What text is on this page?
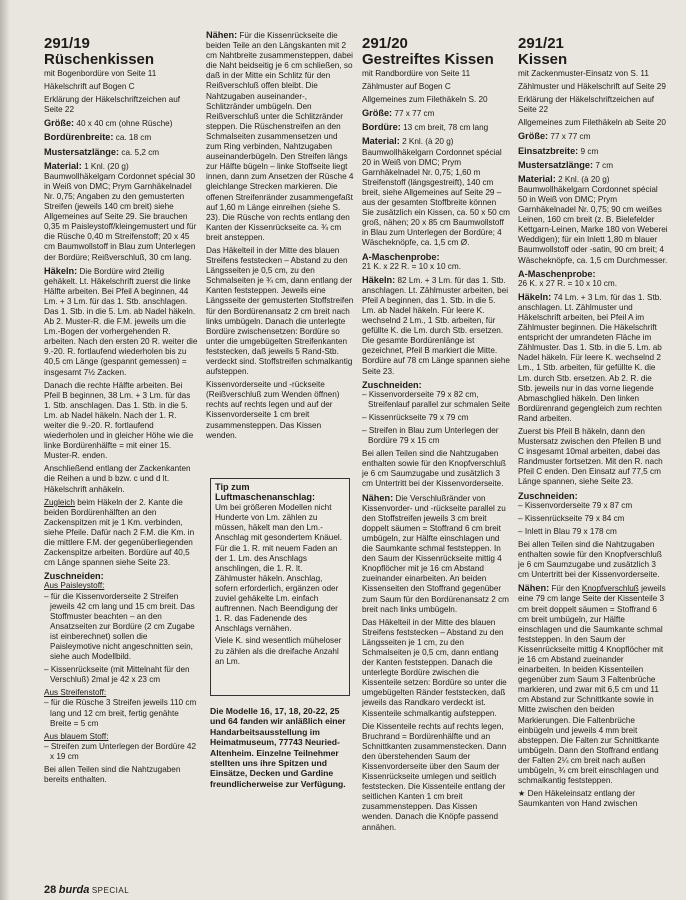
291/19
Rüschenkissen

mit Bogenbordüre von Seite 11

Häkelschrift auf Bogen C

Erklärung der Häkelschriftzeichen auf Seite 22

Größe: 40 x 40 cm (ohne Rüsche)

Bordürenbreite: ca. 18 cm

Mustersatzlänge: ca. 5,2 cm

Material: 1 Knl. (20 g) Baumwollhäkelgarn Cordonnet spécial 30 in Weiß von DMC; Prym Garnhäkelnadel Nr. 0,75; Angaben zu den gemusterten Streifen (jeweils 140 cm breit) siehe Allgemeines auf Seite 29. Sie brauchen 0,35 m Paisleystoff/kleingemustert und für die Rüsche 0,40 m Streifenstoff; 20 x 45 cm Baumwollstoff in Blau zum Unterlegen der Bordüre; Reißverschluß, 30 cm lang.

Häkeln: Die Bordüre wird 2teilig gehäkelt. Lt. Häkelschrift zuerst die linke Hälfte arbeiten. Bei Pfeil A beginnen, 44 Lm. + 3 Lm. für das 1. Stb. anschlagen. Das 1. Stb. in die 5. Lm. ab Nadel häkeln. Ab 2. Muster-R. die F.M. jeweils um die Lm.-Bogen der vorhergehenden R. arbeiten. Nach den ersten 20 R. weiter die 9.-20. R. fortlaufend wiederholen bis zu 40,5 cm Länge (gespannt gemessen) = insgesamt 7½ Zacken.

Danach die rechte Hälfte arbeiten. Bei Pfeil B beginnen, 38 Lm. + 3 Lm. für das 1. Stb. anschlagen. Das 1. Stb. in die 5. Lm. ab Nadel häkeln. Nach der 1. R. weiter die 9.-20. R. fortlaufend wiederholen und in gleicher Höhe wie die linke Bordürenhälfte = mit einer 15. Muster-R. enden.

Anschließend entlang der Zackenkanten die Reihen a und b bzw. c und d lt. Häkelschrift anhäkeln.

Zugleich beim Häkeln der 2. Kante die beiden Bordürenhälften an den Zackenspitzen mit je 1 Km. verbinden, siehe Pfeile. Dafür nach 2 F.M. die Km. in die mittlere F.M. der gegenüberliegenden Zackenspitze arbeiten. Bordüre auf 40,5 cm Länge spannen siehe Seite 23.

Zuschneiden:

Aus Paisleystoff:

– für die Kissenvorderseite 2 Streifen jeweils 42 cm lang und 15 cm breit. Das Stoffmuster beachten – an den Ansatzseiten zur Bordüre (2 cm Zugabe ist einberechnet) sollen die Paisleymotive nicht angeschnitten sein, siehe auch Modellbild.

– Kissenrückseite (mit Mittelnaht für den Verschluß) 2mal je 42 x 23 cm

Aus Streifenstoff:

– für die Rüsche 3 Streifen jeweils 110 cm lang und 12 cm breit, fertig genähte Breite = 5 cm

Aus blauem Stoff:

– Streifen zum Unterlegen der Bordüre 42 x 19 cm

Bei allen Teilen sind die Nahtzugaben bereits enthalten.

Nähen: Für die Kissenrückseite die beiden Teile an den Längskanten mit 2 cm Nahtbreite zusammensteppen, dabei die Naht beidseitig je 6 cm schließen, so daß in der Mitte ein Schlitz für den Reißverschluß offen bleibt. Die Nahtzugaben auseinander-, Schlitzränder umbügeln. Den Reißverschluß unter die Schlitzränder steppen. Die Rüschenstreifen an den Schmalseiten zusammensetzen und zum Ring verbinden, Nahtzugaben auseinanderbügeln. Den Streifen längs zur Hälfte bügeln – linke Stoffseite liegt innen, dann zum Ansetzen der Rüsche 4 gleichlange Strecken markieren. Die offenen Streifenränder zusammengefaßt auf 1,60 m Länge einreihen (siehe S. 23). Die Rüsche von rechts entlang den Kanten der Kissenrückseite ca. ¾ cm breit ansteppen.

Das Häkelteil in der Mitte des blauen Streifens feststecken – Abstand zu den Längsseiten je 0,5 cm, zu den Schmalseiten je ¾ cm, dann entlang der Kanten feststeppen. Jeweils eine Längsseite der gemusterten Stoffstreifen für den Bordürenansatz 2 cm breit nach links umbügeln. Danach die unterlegte Bordüre zwischensetzen: Bordüre so unter die umgebügelten Streifenkanten feststecken, daß jeweils 5 Rand-Stb. verdeckt sind. Stoffstreifen schmalkantig aufsteppen.

Kissenvorderseite und -rückseite (Reißverschluß zum Wenden öffnen) rechts auf rechts legen und auf der Kissenvorderseite 1 cm breit zusammensteppen. Das Kissen wenden.

Tip zum Luftmaschenanschlag:

Um bei größeren Modellen nicht Hunderte von Lm. zählen zu müssen, häkelt man den Lm.-Anschlag mit gesondertem Knäuel. Für die 1. R. mit neuem Faden an der 1. Lm. des Anschlags anschlingen, die 1. R. lt. Zählmuster häkeln. Anschlag, sofern erforderlich, ergänzen oder zuviel gehäkelte Lm. einfach auftrennen. Nach Beendigung der 1. R. das Fadenende des Anschlags vernähen.

Viele K. sind wesentlich müheloser zu zählen als die dreifache Anzahl an Lm.

Die Modelle 16, 17, 18, 20-22, 25 und 64 fanden wir anläßlich einer Handarbeitsausstellung im Heimatmuseum, 77743 Neuried-Altenheim. Einzelne Teilnehmer stellten uns ihre Spitzen und Einsätze, Decken und Gardine freundlicherweise zur Verfügung.
291/20
Gestreiftes Kissen

mit Randbordüre von Seite 11

Zählmuster auf Bogen C

Allgemeines zum Filethäkeln S. 20

Größe: 77 x 77 cm

Bordüre: 13 cm breit, 78 cm lang

Material: 2 Knl. (à 20 g) Baumwollhäkelgarn Cordonnet spécial 20 in Weiß von DMC; Prym Garnhäkelnadel Nr. 0,75; 1,60 m Streifenstoff (längsgestreift), 140 cm breit, siehe Allgemeines auf Seite 29 – aus der gesamten Stoffbreite können Sie zusätzlich ein Kissen, ca. 50 x 50 cm groß, nähen; 20 x 85 cm Baumwollstoff in Blau zum Unterlegen der Bordüre; 4 Wäscheknöpfe, ca. 1,5 cm Ø.

A-Maschenprobe:

21 K. x 22 R. = 10 x 10 cm.

Häkeln: 82 Lm. + 3 Lm. für das 1. Stb. anschlagen. Lt. Zählmuster arbeiten, bei Pfeil A beginnen, das 1. Stb. in die 5. Lm. ab Nadel häkeln. Für leere K. wechselnd 2 Lm., 1 Stb. arbeiten, für gefüllte K. die Lm. durch Stb. ersetzen. Die gesamte Bordürenlänge ist gezeichnet, Pfeil B markiert die Mitte. Bordüre auf 78 cm Länge spannen siehe Seite 23.

Zuschneiden:

– Kissenvorderseite 79 x 82 cm, Streifenlauf parallel zur schmalen Seite

– Kissenrückseite 79 x 79 cm

– Streifen in Blau zum Unterlegen der Bordüre 79 x 15 cm

Bei allen Teilen sind die Nahtzugaben enthalten sowie für den Knopfverschluß je 6 cm Saumzugabe und zusätzlich 3 cm Untertritt bei der Kissenvorderseite.

Nähen: Die Verschlußränder von Kissenvorder- und -rückseite parallel zu den Stoffstreifen jeweils 3 cm breit doppelt säumen = Stoffrand 6 cm breit umbügeln, zur Hälfte einschlagen und die Saumkante schmal feststeppen. In den Saum der Kissenrückseite mittig 4 Knopflöcher mit je 16 cm Abstand zueinander einarbeiten. An beiden Kissenseiten den Stoffrand gegenüber zum Saum für den Bordürenansatz 2 cm breit nach links umbügeln.

Das Häkelteil in der Mitte des blauen Streifens feststecken – Abstand zu den Längsseiten je 1 cm, zu den Schmalseiten je 0,5 cm, dann entlang der Kanten feststeppen. Danach die unterlegte Bordüre zwischen die Kissenteile setzen: Bordüre so unter die umgebügelten Ränder feststecken, daß jeweils das Randkaro verdeckt ist. Kissenteile schmalkantig aufsteppen.

Die Kissenteile rechts auf rechts legen, Bruchrand = Bordürenhälfte und an Schnittkanten zusammenstecken. Dann den überstehenden Saum der Kissenvorderseite über den Saum der Kissenrückseite umlegen und seitlich feststecken. Die Kissenteile entlang der seitlichen Kanten 1 cm breit zusammensteppen. Das Kissen wenden. Danach die Knöpfe passend annähen.

291/21
Kissen

mit Zackenmuster-Einsatz von S. 11

Zählmuster und Häkelschrift auf Seite 29

Erklärung der Häkelschriftzeichen auf Seite 22

Allgemeines zum Filethäkeln ab Seite 20

Größe: 77 x 77 cm

Einsatzbreite: 9 cm

Mustersatzlänge: 7 cm

Material: 2 Knl. (à 20 g) Baumwollhäkelgarn Cordonnet spécial 50 in Weiß von DMC; Prym Garnhäkelnadel Nr. 0,75; 90 cm weißes Leinen, 160 cm breit (z. B. Bielefelder Kettgarn-Leinen, Marke 180 von Weberei Weddigen); für ein Inlett 1,80 m blauer Baumwollstoff oder -satin, 90 cm breit; 4 Wäscheknöpfe, ca. 1,5 cm Durchmesser.

A-Maschenprobe:

26 K. x 27 R. = 10 x 10 cm.

Häkeln: 74 Lm. + 3 Lm. für das 1. Stb. anschlagen. Lt. Zählmuster und Häkelschrift arbeiten, bei Pfeil A im Zählmuster beginnen. Die Häkelschrift entspricht der umrandeten Fläche im Zählmuster. Das 1. Stb. in die 5. Lm. ab Nadel häkeln. Für leere K. wechselnd 2 Lm., 1 Stb. arbeiten, für gefüllte K. die Lm. durch Stb. ersetzen. Ab 2. R. die Stb. jeweils nur in das vorne liegende Abmaschglied häkeln. Den linken Bordürenrand gegengleich zum rechten Rand arbeiten.

Zuerst bis Pfeil B häkeln, dann den Mustersatz zwischen den Pfeilen B und C insgesamt 10mal arbeiten, dabei das Randmuster fortsetzen. Mit den R. nach Pfeil C enden. Den Einsatz auf 77,5 cm Länge spannen, siehe Seite 23.

Zuschneiden:

– Kissenvorderseite 79 x 87 cm

– Kissenrückseite 79 x 84 cm

– Inlett in Blau 79 x 178 cm

Bei allen Teilen sind die Nahtzugaben enthalten sowie für den Knopfverschluß je 6 cm Saumzugabe und zusätzlich 3 cm Untertritt bei der Kissenvorderseite.

Nähen: Für den Knopfverschluß jeweils eine 79 cm lange Seite der Kissenteile 3 cm breit doppelt säumen = Stoffrand 6 cm breit umbügeln, zur Hälfte einschlagen und die Saumkante schmal feststeppen. In den Saum der Kissenrückseite mittig 4 Knopflöcher mit je 16 cm Abstand zueinander einarbeiten. In beiden Kissenteilen gegenüber zum Saum 3 Faltenbrüche markieren, und zwar mit 6,5 cm und 11 cm Abstand zur Schnittkante sowie in Mitte zwischen den beiden Markierungen. Die Faltenbrüche einbügeln und jeweils 4 mm breit absteppen. Die Falten zur Schnittkante umbügeln. Dann den Stoffrand entlang der Falten 2¼ cm breit nach außen umbügeln, ¾ cm breit einschlagen und schmalkantig feststeppen.

★ Den Häkeleinsatz entlang der Saumkanten von Hand zwischen

28 burda SPECIAL
